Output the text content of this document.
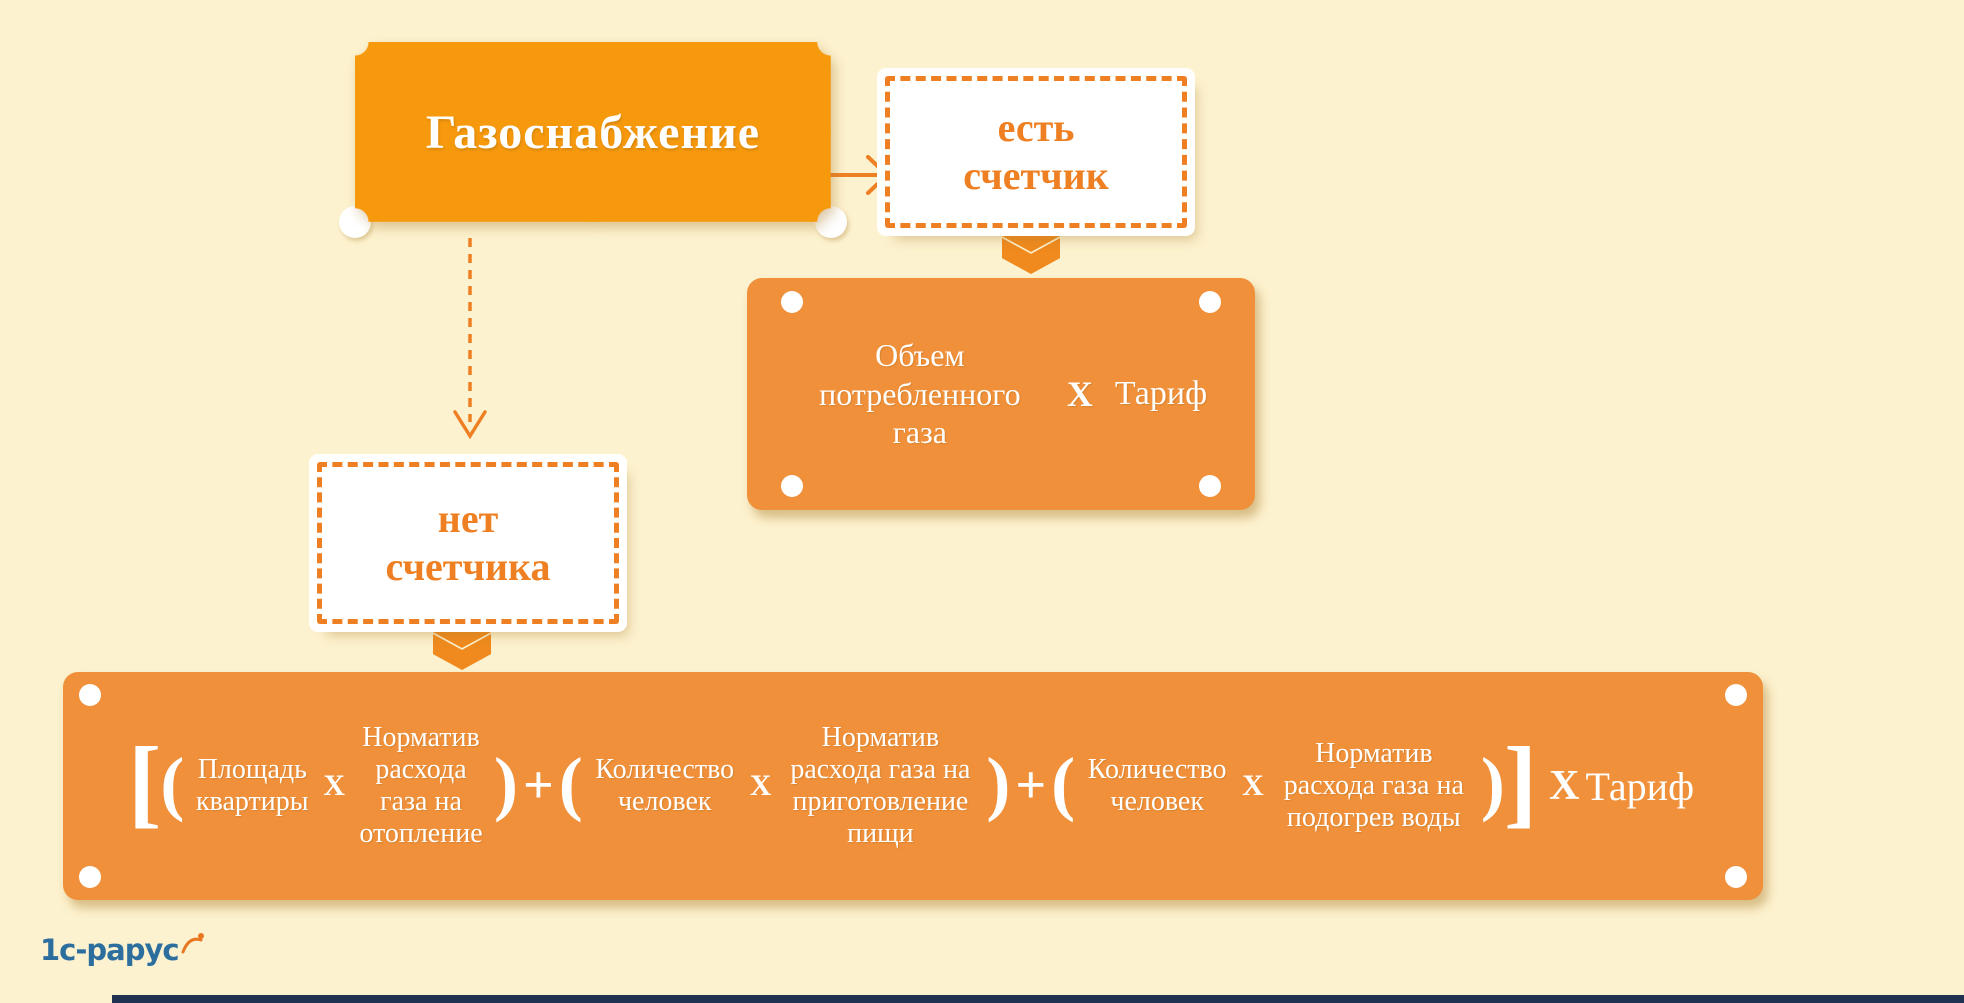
Газоснабжение	есть счетчик
Объем потребленного газа
X Тариф
нет счетчика
[ ( Площадь квартиры X
Норматив расхода газа на отопление
) + ( Количество человек	X
Норматив расхода газа на приготовление пищи
) + ( Количество человек	X
Норматив расхода газа на подогрев воды ) ] X Тариф
1с-рарус
